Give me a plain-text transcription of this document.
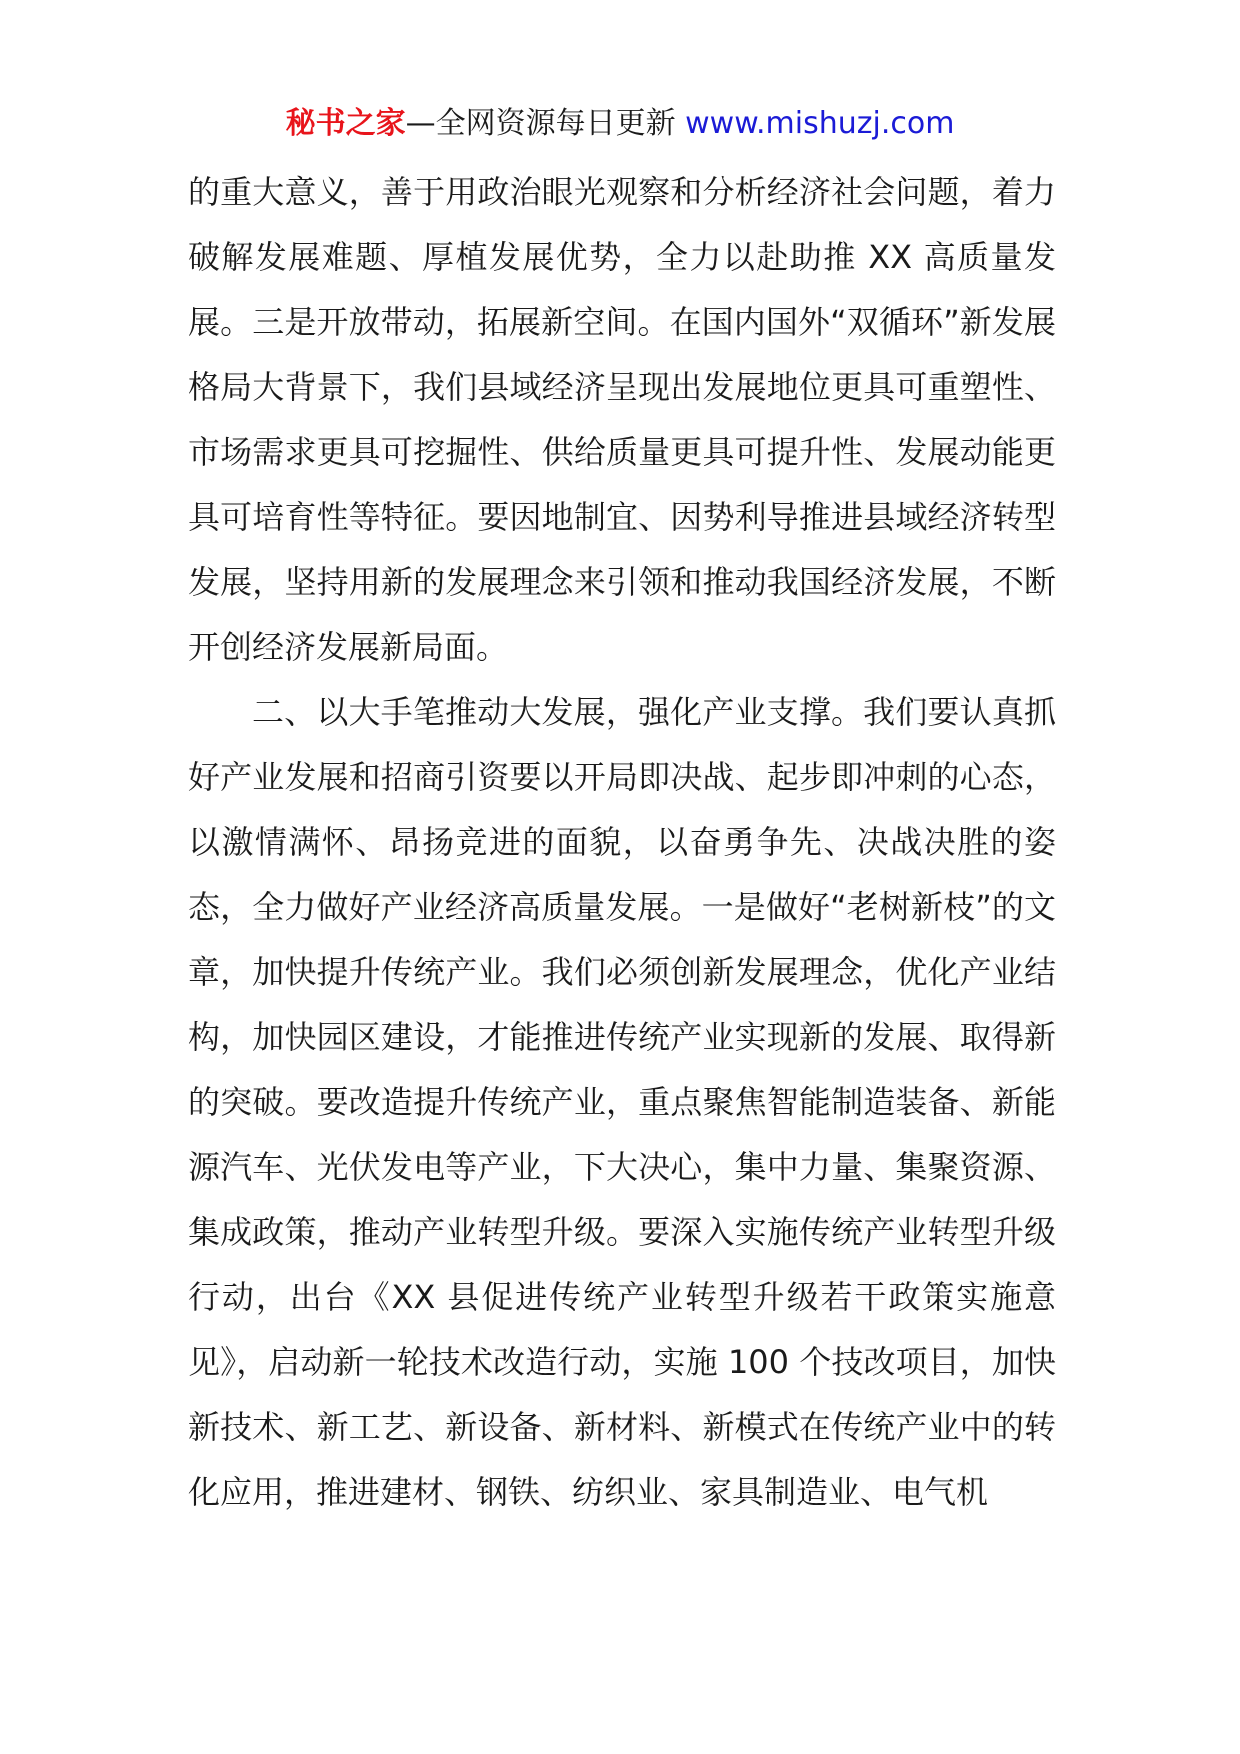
秘书之家—全网资源每日更新 www.mishuzj.com

的重大意义，善于用政治眼光观察和分析经济社会问题，着力破解发展难题、厚植发展优势，全力以赴助推 XX 高质量发展。三是开放带动，拓展新空间。在国内国外“双循环”新发展格局大背景下，我们县域经济呈现出发展地位更具可重塑性、市场需求更具可挖掘性、供给质量更具可提升性、发展动能更具可培育性等特征。要因地制宜、因势利导推进县域经济转型发展，坚持用新的发展理念来引领和推动我国经济发展，不断开创经济发展新局面。

二、以大手笔推动大发展，强化产业支撑。我们要认真抓好产业发展和招商引资要以开局即决战、起步即冲刺的心态，以激情满怀、昂扬竞进的面貌，以奋勇争先、决战决胜的姿态，全力做好产业经济高质量发展。一是做好“老树新枝”的文章，加快提升传统产业。我们必须创新发展理念，优化产业结构，加快园区建设，才能推进传统产业实现新的发展、取得新的突破。要改造提升传统产业，重点聚焦智能制造装备、新能源汽车、光伏发电等产业，下大决心，集中力量、集聚资源、集成政策，推动产业转型升级。要深入实施传统产业转型升级行动，出台《XX 县促进传统产业转型升级若干政策实施意见》，启动新一轮技术改造行动，实施 100 个技改项目，加快新技术、新工艺、新设备、新材料、新模式在传统产业中的转化应用，推进建材、钢铁、纺织业、家具制造业、电气机
